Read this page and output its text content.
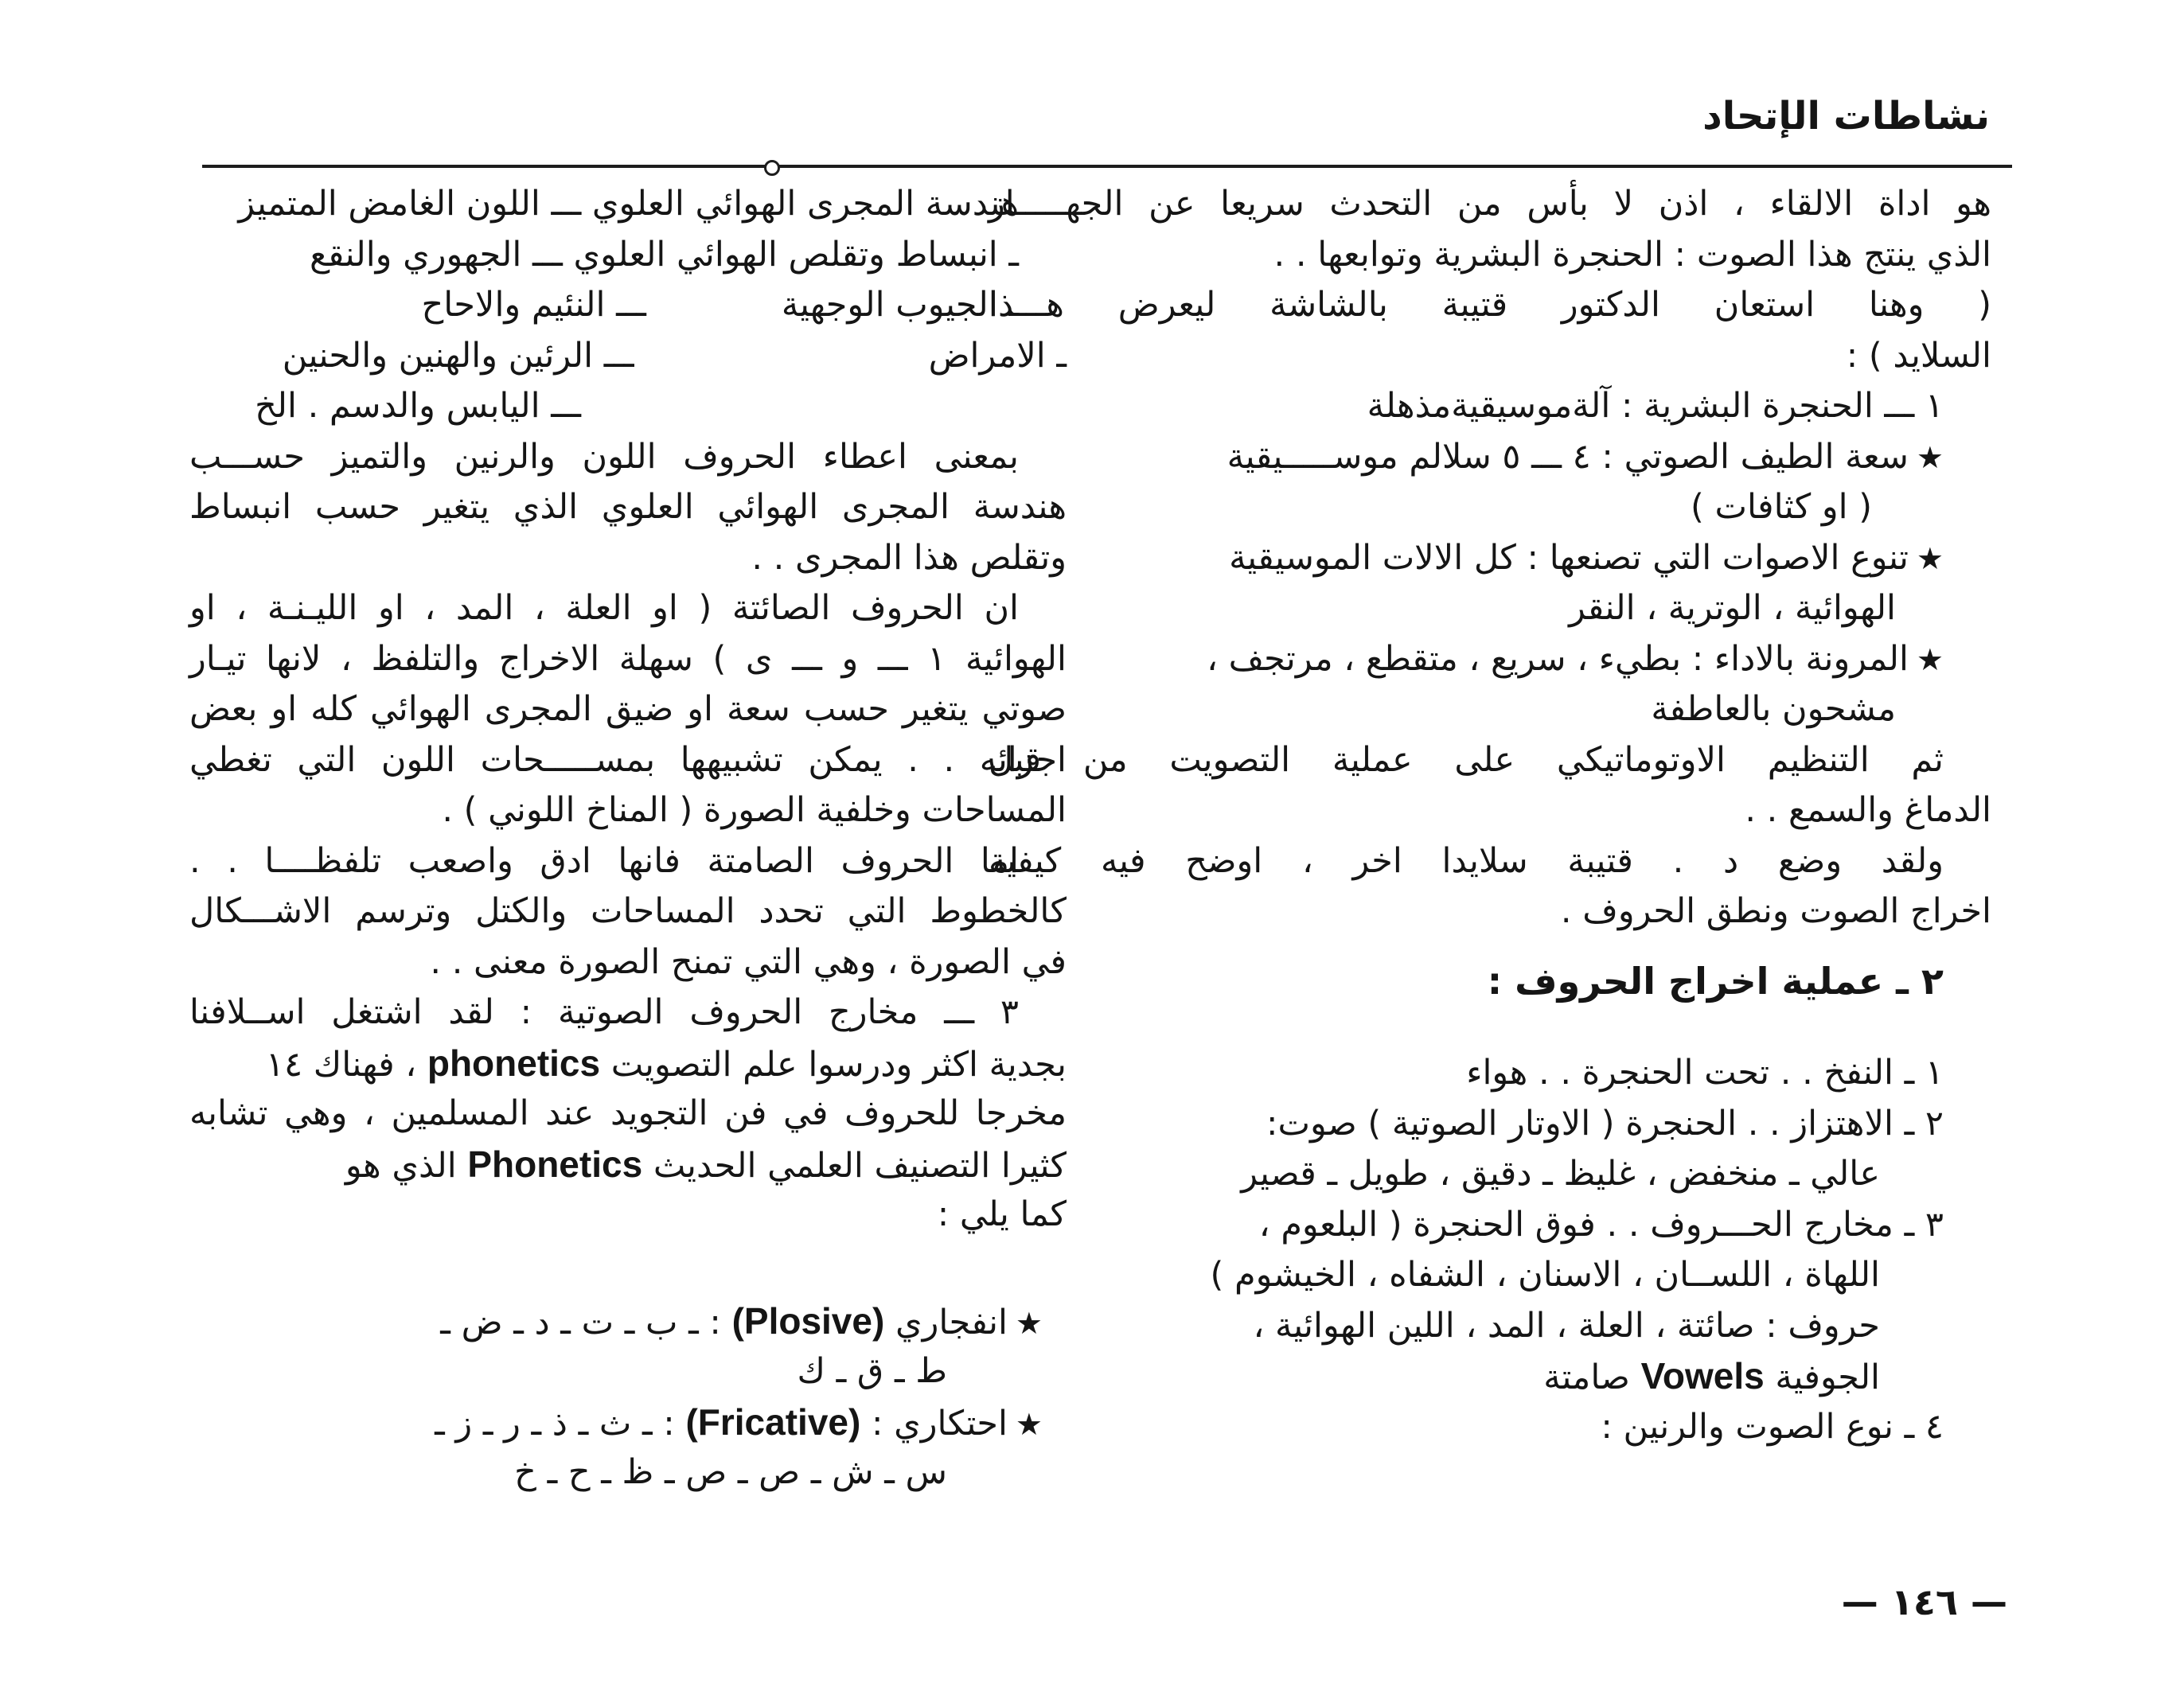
نشاطات الإتحاد
هو اداة الالقاء ، اذن لا بأس من التحدث سريعا عن الجهـــــاز
الذي ينتج هذا الصوت : الحنجرة البشرية وتوابعها . .
( وهنا استعان الدكتور قتيبة بالشاشة ليعرض هـــذا
السلايد ) :
١ ـــ الحنجرة البشرية : آلةموسيقيةمذهلة
★سعة الطيف الصوتي : ٤ ـــ ٥ سلالم موســـــيقية
( او كثافات )
★تنوع الاصوات التي تصنعها : كل الالات الموسيقية
الهوائية ، الوترية ، النقر
★المرونة بالاداء : بطيء ، سريع ، متقطع ، مرتجف ،
مشحون بالعاطفة
ثم التنظيم الاوتوماتيكي على عملية التصويت من قبل
الدماغ والسمع . .
ولقد وضع د . قتيبة سلايدا اخر ، اوضح فيه كيفية
اخراج الصوت ونطق الحروف .
٢ ـ عملية اخراج الحروف :
١ ـ النفخ . . تحت الحنجرة . . هواء
٢ ـ الاهتزاز . . الحنجرة ( الاوتار الصوتية ) صوت:
عالي ـ منخفض ، غليظ ـ دقيق ، طويل ـ قصير
٣ ـ مخارج الحـــروف . . فوق الحنجرة ( البلعوم ،
اللهاة ، اللســان ، الاسنان ، الشفاه ، الخيشوم )
حروف : صائتة ، العلة ، المد ، اللين الهوائية ،
الجوفية Vowels صامتة
٤ ـ نوع الصوت والرنين :
هندسة المجرى الهوائي العلوي ـــ اللون الغامض المتميز
ـ انبساط وتقلص الهوائي العلوي ـــ الجهوري والنقع
ـ الجيوب الوجهيةـــ النئيم والاحاح
ـ الامراضـــ الرئين والهنين والحنين
ـــ اليابس والدسم . الخ
بمعنى اعطاء الحروف اللون والرنين والتميز حســـب
هندسة المجرى الهوائي العلوي الذي يتغير حسب انبساط
وتقلص هذا المجرى . .
ان الحروف الصائتة ( او العلة ، المد ، او الليـنـة ، او
الهوائية ١ ـــ و ـــ ى ) سهلة الاخراج والتلفظ ، لانها تيـار
صوتي يتغير حسب سعة او ضيق المجرى الهوائي كله او بعض
اجزائه . . يمكن تشبيهها بمســـــحات اللون التي تغطي
المساحات وخلفية الصورة ( المناخ اللوني ) .
اما الحروف الصامتة فانها ادق واصعب تلفظــــا . .
كالخطوط التي تحدد المساحات والكتل وترسم الاشـــكال
في الصورة ، وهي التي تمنح الصورة معنى . .
٣ ـــ مخارج الحروف الصوتية : لقد اشتغل اســلافنا
بجدية اكثر ودرسوا علم التصويت phonetics ، فهناك ١٤
مخرجا للحروف في فن التجويد عند المسلمين ، وهي تشابه
كثيرا التصنيف العلمي الحديث Phonetics الذي هو
كما يلي :
★انفجاري (Plosive) : ـ ب ـ ت ـ د ـ ض ـ
ط ـ ق ـ ك
★احتكاري : (Fricative) : ـ ث ـ ذ ـ ر ـ ز ـ
س ـ ش ـ ص ـ ص ـ ظ ـ ح ـ خ
— ١٤٦ —
